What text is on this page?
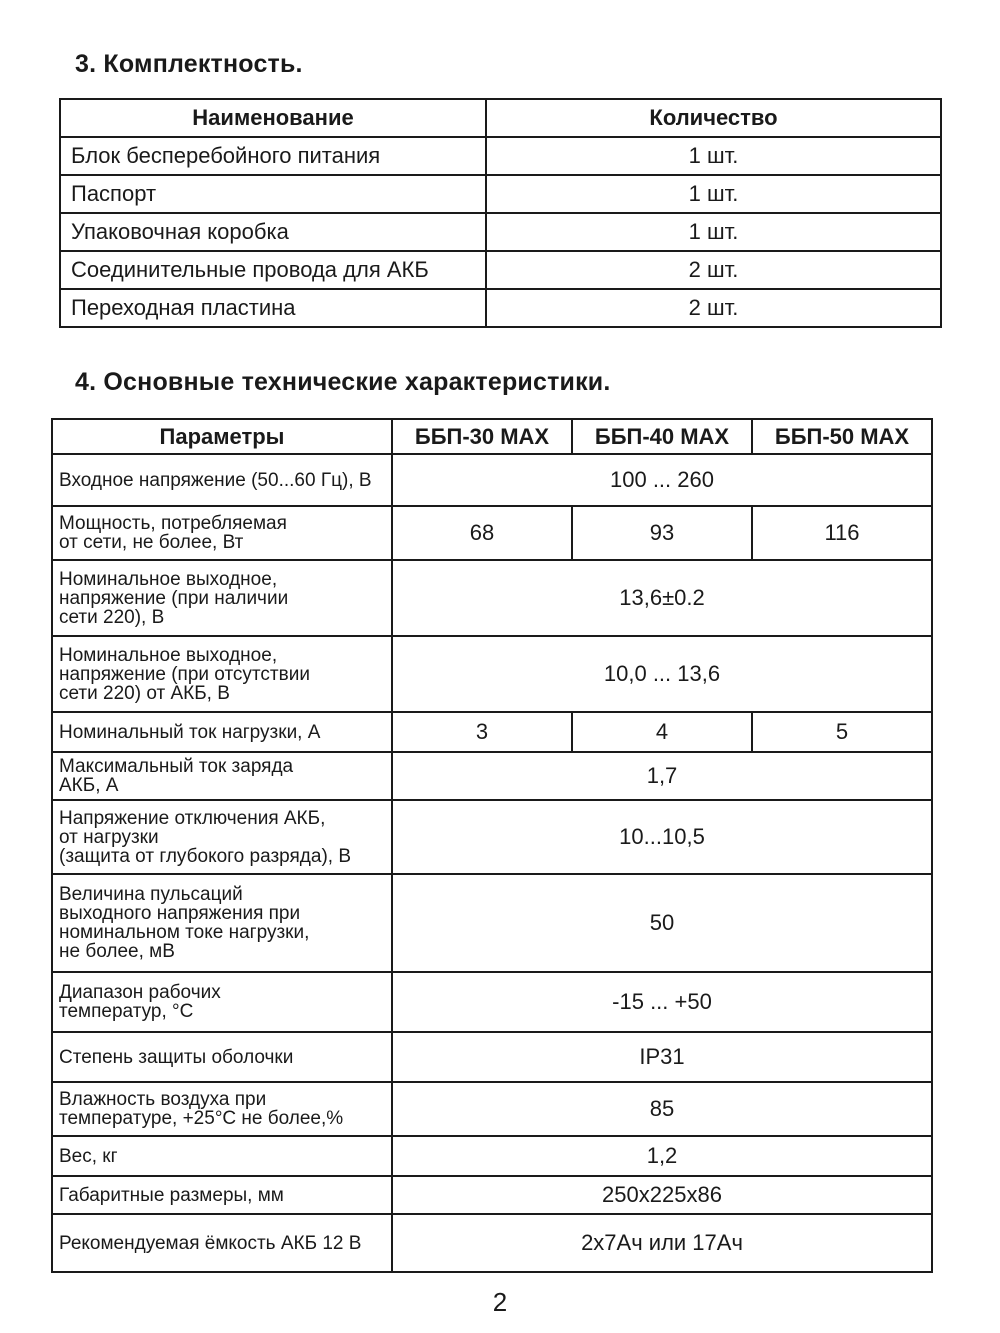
3. Комплектность.
Наименование	Количество
Блок бесперебойного питания	1 шт.
Паспорт	1 шт.
Упаковочная коробка	1 шт.
Соединительные провода для АКБ	2 шт.
Переходная пластина	2 шт.
4. Основные технические характеристики.
Параметры	ББП-30 MAX	ББП-40 MAX	ББП-50 MAX
Входное напряжение (50...60 Гц), В	100 ... 260		
Мощность, потребляемая
от сети, не более, Вт	68	93	116
Номинальное выходное,
напряжение (при наличии
сети 220), В	13,6±0.2		
Номинальное выходное,
напряжение (при отсутствии
сети 220) от АКБ, В	10,0 ... 13,6		
Номинальный ток нагрузки, А	3	4	5
Максимальный ток заряда
АКБ, А	1,7		
Напряжение отключения АКБ,
от нагрузки
(защита от глубокого разряда), В	10...10,5		
Величина пульсаций
выходного напряжения при
номинальном токе нагрузки,
не более, мВ	50		
Диапазон рабочих
температур, °С	-15 ... +50		
Степень защиты оболочки	IP31		
Влажность воздуха при
температуре, +25°С не более,%	85		
Вес, кг	1,2		
Габаритные размеры, мм	250x225x86		
Рекомендуемая ёмкость АКБ 12 В	2x7Ач или 17Ач		
2
